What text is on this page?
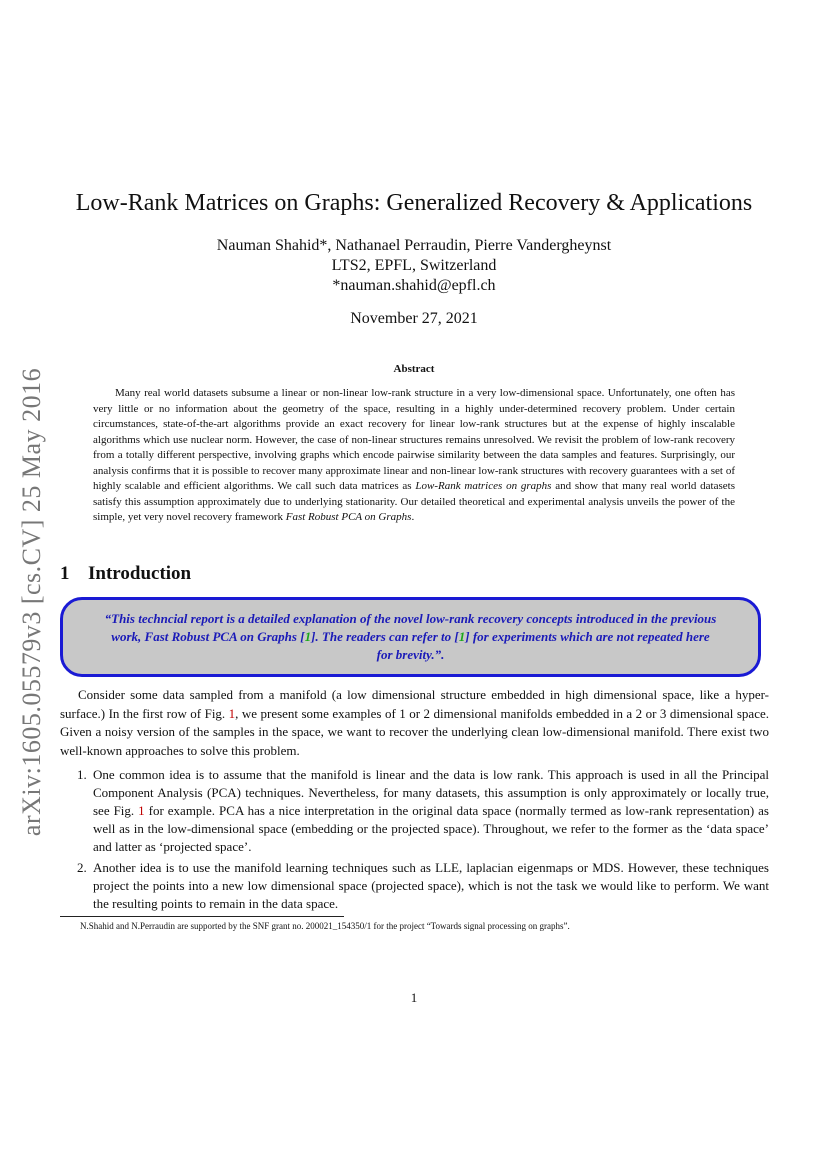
arXiv:1605.05579v3 [cs.CV] 25 May 2016
Low-Rank Matrices on Graphs: Generalized Recovery & Applications
Nauman Shahid*, Nathanael Perraudin, Pierre Vandergheynst
LTS2, EPFL, Switzerland
*nauman.shahid@epfl.ch
November 27, 2021
Abstract
Many real world datasets subsume a linear or non-linear low-rank structure in a very low-dimensional space. Unfortunately, one often has very little or no information about the geometry of the space, resulting in a highly under-determined recovery problem. Under certain circumstances, state-of-the-art algorithms provide an exact recovery for linear low-rank structures but at the expense of highly inscalable algorithms which use nuclear norm. However, the case of non-linear structures remains unresolved. We revisit the problem of low-rank recovery from a totally different perspective, involving graphs which encode pairwise similarity between the data samples and features. Surprisingly, our analysis confirms that it is possible to recover many approximate linear and non-linear low-rank structures with recovery guarantees with a set of highly scalable and efficient algorithms. We call such data matrices as Low-Rank matrices on graphs and show that many real world datasets satisfy this assumption approximately due to underlying stationarity. Our detailed theoretical and experimental analysis unveils the power of the simple, yet very novel recovery framework Fast Robust PCA on Graphs.
1 Introduction

“This techncial report is a detailed explanation of the novel low-rank recovery concepts introduced in the previous work, Fast Robust PCA on Graphs [1]. The readers can refer to [1] for experiments which are not repeated here for brevity.”.

Consider some data sampled from a manifold (a low dimensional structure embedded in high dimensional space, like a hyper-surface.) In the first row of Fig. 1, we present some examples of 1 or 2 dimensional manifolds embedded in a 2 or 3 dimensional space. Given a noisy version of the samples in the space, we want to recover the underlying clean low-dimensional manifold. There exist two well-known approaches to solve this problem.
1. One common idea is to assume that the manifold is linear and the data is low rank. This approach is used in all the Principal Component Analysis (PCA) techniques. Nevertheless, for many datasets, this assumption is only approximately or locally true, see Fig. 1 for example. PCA has a nice interpretation in the original data space (normally termed as low-rank representation) as well as in the low-dimensional space (embedding or the projected space). Throughout, we refer to the former as the ‘data space’ and latter as ‘projected space’.
2. Another idea is to use the manifold learning techniques such as LLE, laplacian eigenmaps or MDS. However, these techniques project the points into a new low dimensional space (projected space), which is not the task we would like to perform. We want the resulting points to remain in the data space.
N.Shahid and N.Perraudin are supported by the SNF grant no. 200021_154350/1 for the project “Towards signal processing on graphs”.
1
